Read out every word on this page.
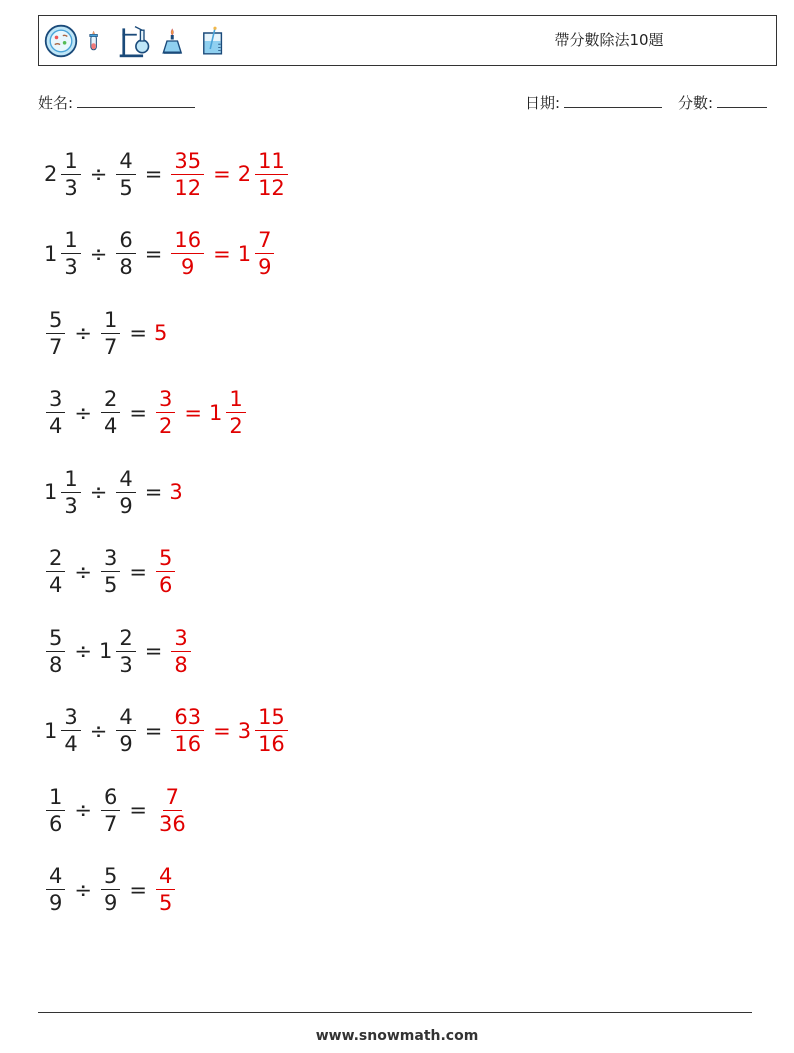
帶分數除法10題
姓名:	日期:	分數:
$2 \frac{1}{3} \div \frac{4}{5} = \frac{35}{12} = 2 \frac{11}{12}$
$1 \frac{1}{3} \div \frac{6}{8} = \frac{16}{9} = 1 \frac{7}{9}$
$\frac{5}{7} \div \frac{1}{7} = 5$
$\frac{3}{4} \div \frac{2}{4} = \frac{3}{2} = 1 \frac{1}{2}$
$1 \frac{1}{3} \div \frac{4}{9} = 3$
$\frac{2}{4} \div \frac{3}{5} = \frac{5}{6}$
$\frac{5}{8} \div 1 \frac{2}{3} = \frac{3}{8}$
$1 \frac{3}{4} \div \frac{4}{9} = \frac{63}{16} = 3 \frac{15}{16}$
$\frac{1}{6} \div \frac{6}{7} = \frac{7}{36}$
$\frac{4}{9} \div \frac{5}{9} = \frac{4}{5}$
www.snowmath.com
